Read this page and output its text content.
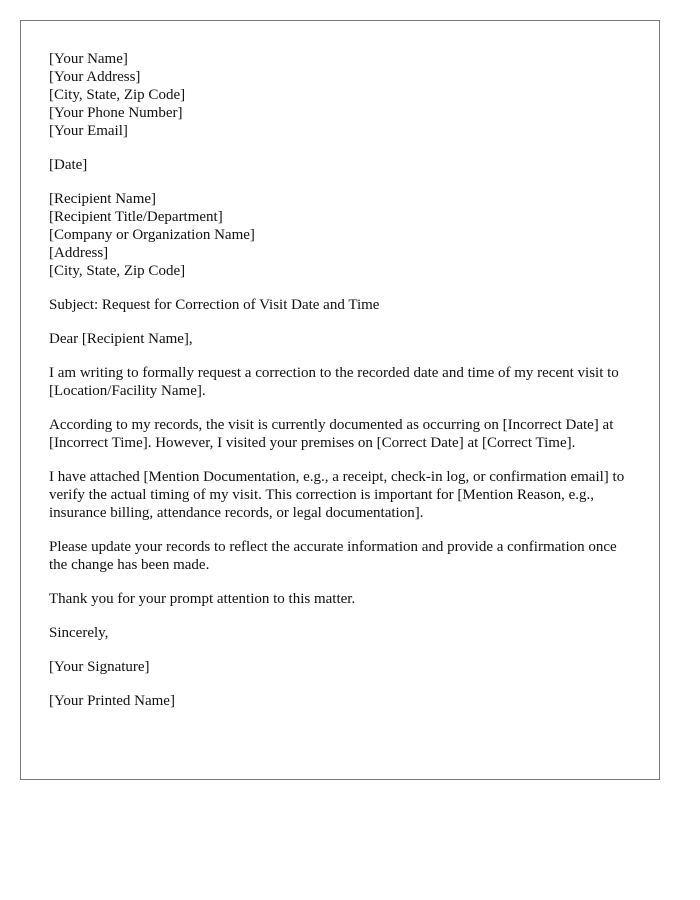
[Your Name]
[Your Address]
[City, State, Zip Code]
[Your Phone Number]
[Your Email]
[Date]
[Recipient Name]
[Recipient Title/Department]
[Company or Organization Name]
[Address]
[City, State, Zip Code]

Subject: Request for Correction of Visit Date and Time

Dear [Recipient Name],

I am writing to formally request a correction to the recorded date and time of my recent visit to [Location/Facility Name].

According to my records, the visit is currently documented as occurring on [Incorrect Date] at [Incorrect Time]. However, I visited your premises on [Correct Date] at [Correct Time].

I have attached [Mention Documentation, e.g., a receipt, check-in log, or confirmation email] to verify the actual timing of my visit. This correction is important for [Mention Reason, e.g., insurance billing, attendance records, or legal documentation].

Please update your records to reflect the accurate information and provide a confirmation once the change has been made.

Thank you for your prompt attention to this matter.

Sincerely,

[Your Signature]

[Your Printed Name]
